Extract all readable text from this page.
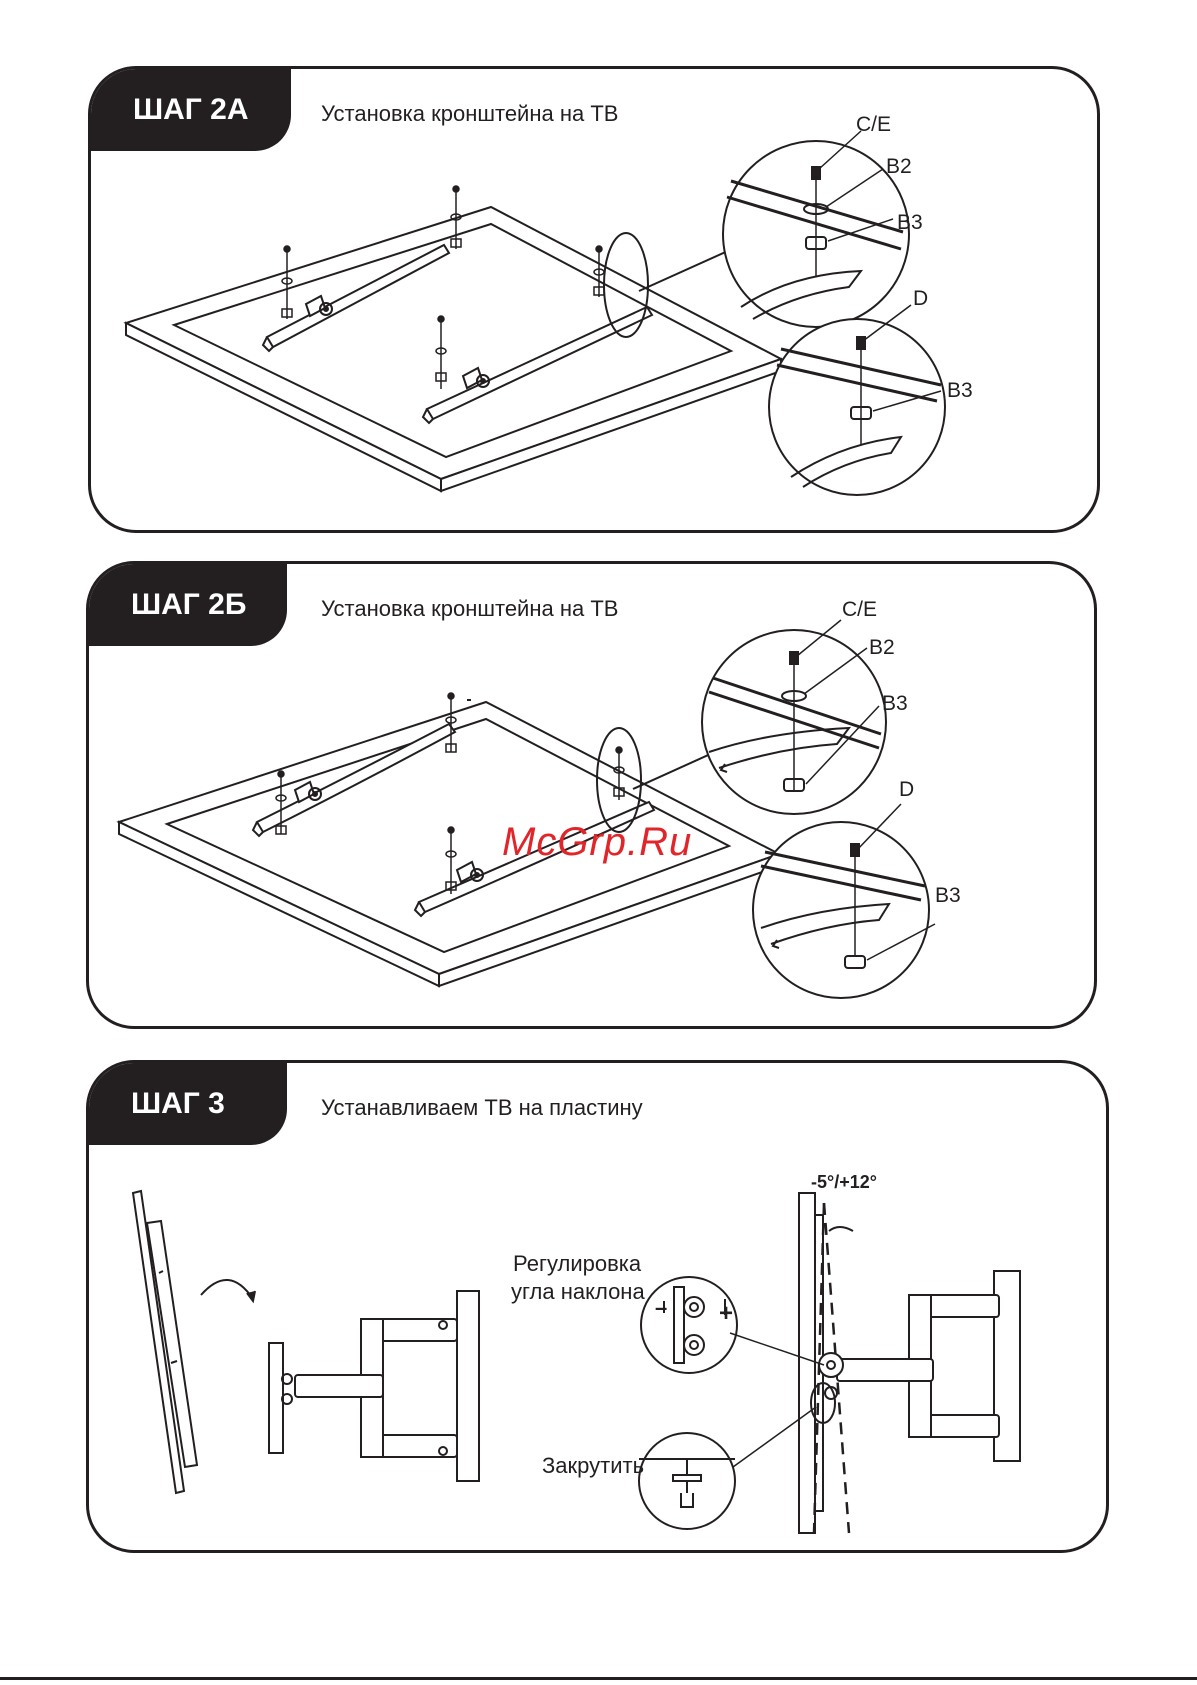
ШАГ 2А	Установка кронштейна на ТВ	C/E
B2
B3
D
B3
ШАГ 2Б	Установка кронштейна на ТВ	C/E
B2
B3
D
B3
ШАГ 3	Устанавливаем ТВ на пластину
-5°/+12°
– +
Регулировка
угла наклона
Закрутить
McGrp.Ru
